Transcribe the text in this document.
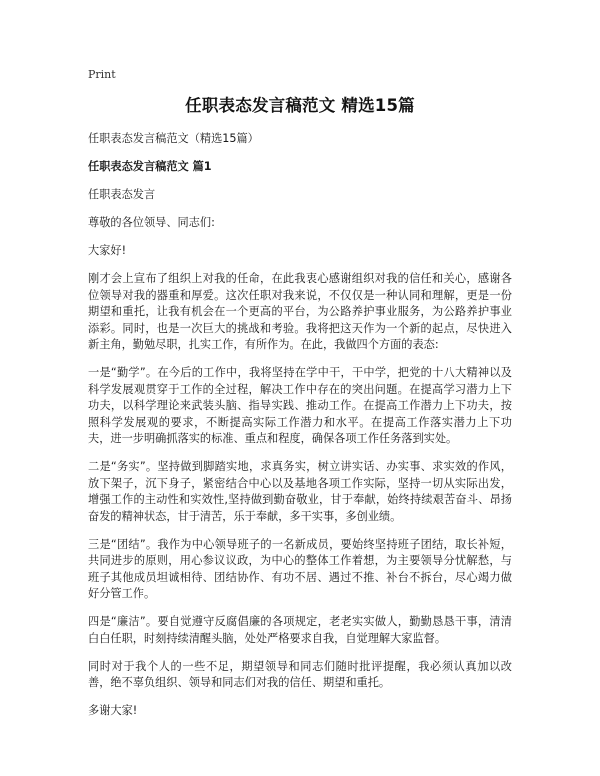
Print
任职表态发言稿范文 精选15篇

任职表态发言稿范文（精选15篇）

任职表态发言稿范文 篇1

任职表态发言

尊敬的各位领导、同志们:

大家好!

刚才会上宣布了组织上对我的任命，在此我衷心感谢组织对我的信任和关心，感谢各位领导对我的器重和厚爱。这次任职对我来说，不仅仅是一种认同和理解，更是一份期望和重托，让我有机会在一个更高的平台，为公路养护事业服务，为公路养护事业添彩。同时，也是一次巨大的挑战和考验。我将把这天作为一个新的起点，尽快进入新主角，勤勉尽职，扎实工作，有所作为。在此，我做四个方面的表态:

一是“勤学”。在今后的工作中，我将坚持在学中干，干中学，把党的十八大精神以及科学发展观贯穿于工作的全过程，解决工作中存在的突出问题。在提高学习潜力上下功夫，以科学理论来武装头脑、指导实践、推动工作。在提高工作潜力上下功夫，按照科学发展观的要求，不断提高实际工作潜力和水平。在提高工作落实潜力上下功夫，进一步明确抓落实的标准、重点和程度，确保各项工作任务落到实处。

二是“务实”。坚持做到脚踏实地，求真务实，树立讲实话、办实事、求实效的作风，放下架子，沉下身子，紧密结合中心以及基地各项工作实际，坚持一切从实际出发，增强工作的主动性和实效性,坚持做到勤奋敬业，甘于奉献，始终持续艰苦奋斗、昂扬奋发的精神状态，甘于清苦，乐于奉献，多干实事，多创业绩。

三是“团结”。我作为中心领导班子的一名新成员，要始终坚持班子团结，取长补短，共同进步的原则，用心参议议政，为中心的整体工作着想，为主要领导分忧解愁，与班子其他成员坦诚相待、团结协作、有功不居、遇过不推、补台不拆台，尽心竭力做好分管工作。

四是“廉洁”。要自觉遵守反腐倡廉的各项规定，老老实实做人，勤勤恳恳干事，清清白白任职，时刻持续清醒头脑，处处严格要求自我，自觉理解大家监督。

同时对于我个人的一些不足，期望领导和同志们随时批评提醒，我必须认真加以改善，绝不辜负组织、领导和同志们对我的信任、期望和重托。

多谢大家!
